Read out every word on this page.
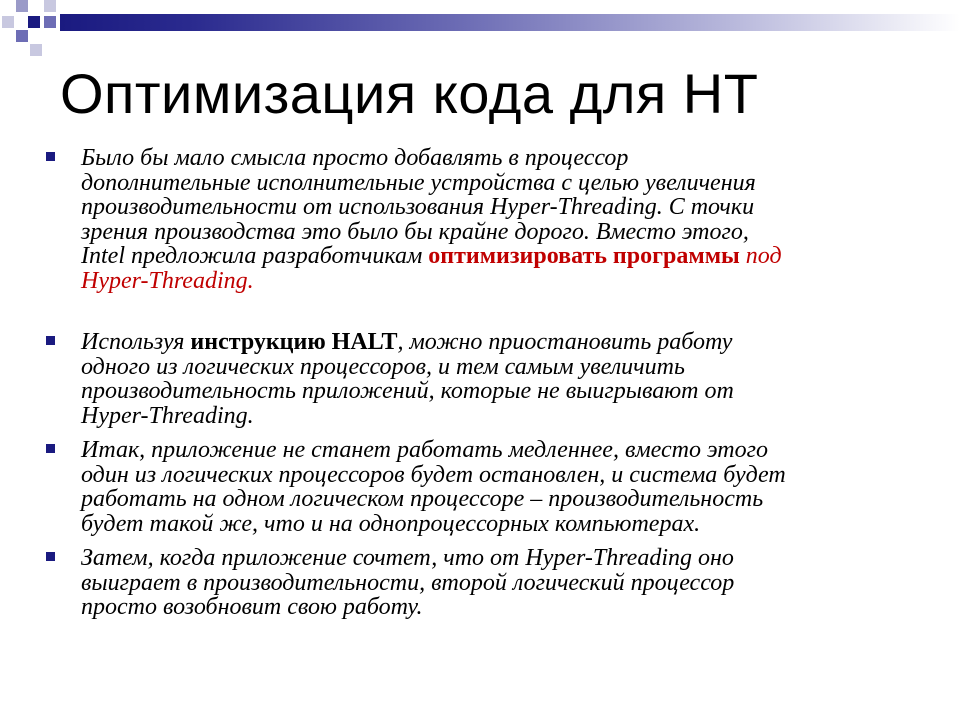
Оптимизация кода для HT
Было бы мало смысла просто добавлять в процессор
дополнительные исполнительные устройства с целью увеличения
производительности от использования Hyper-Threading. С точки
зрения производства это было бы крайне дорого. Вместо этого,
Intel предложила разработчикам оптимизировать программы под
Hyper-Threading.
Используя инструкцию HALT, можно приостановить работу
одного из логических процессоров, и тем самым увеличить
производительность приложений, которые не выигрывают от
Hyper-Threading.
Итак, приложение не станет работать медленнее, вместо этого
один из логических процессоров будет остановлен, и система будет
работать на одном логическом процессоре – производительность
будет такой же, что и на однопроцессорных компьютерах.
Затем, когда приложение сочтет, что от Hyper-Threading оно
выиграет в производительности, второй логический процессор
просто возобновит свою работу.
